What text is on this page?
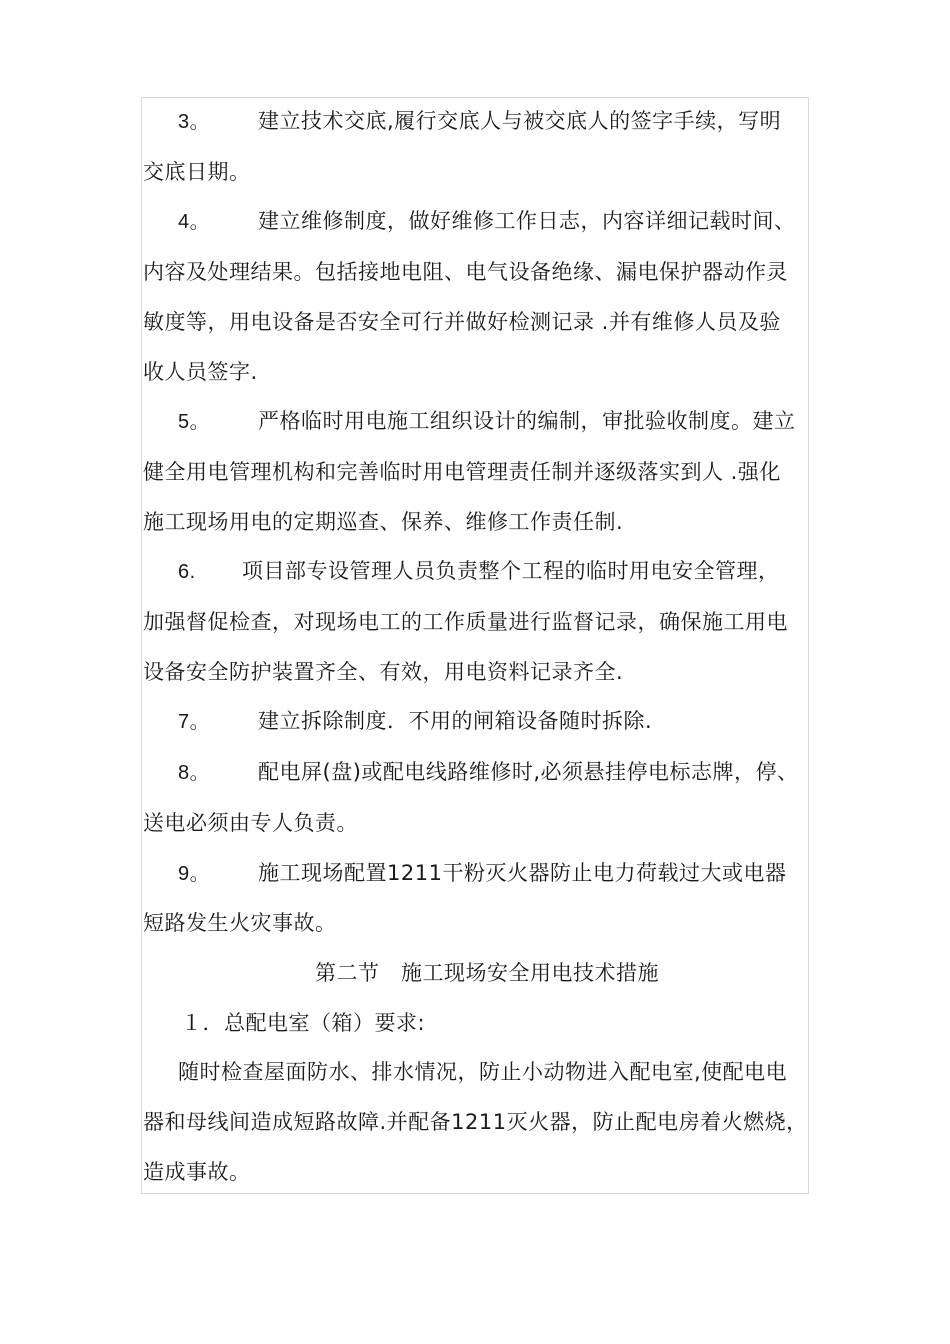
3。 建立技术交底,履行交底人与被交底人的签字手续，写明
交底日期。
4。 建立维修制度，做好维修工作日志，内容详细记载时间、
内容及处理结果。包括接地电阻、电气设备绝缘、漏电保护器动作灵
敏度等，用电设备是否安全可行并做好检测记录 .并有维修人员及验
收人员签字.
5。 严格临时用电施工组织设计的编制，审批验收制度。建立
健全用电管理机构和完善临时用电管理责任制并逐级落实到人 .强化
施工现场用电的定期巡查、保养、维修工作责任制.
6. 项目部专设管理人员负责整个工程的临时用电安全管理，
加强督促检查，对现场电工的工作质量进行监督记录，确保施工用电
设备安全防护装置齐全、有效，用电资料记录齐全.
7。 建立拆除制度．不用的闸箱设备随时拆除.
8。 配电屏(盘)或配电线路维修时,必须悬挂停电标志牌，停、
送电必须由专人负责。
9。 施工现场配置1211干粉灭火器防止电力荷载过大或电器
短路发生火灾事故。
第二节　施工现场安全用电技术措施
１．总配电室（箱）要求:
随时检查屋面防水、排水情况，防止小动物进入配电室,使配电电
器和母线间造成短路故障.并配备1211灭火器，防止配电房着火燃烧，
造成事故。
